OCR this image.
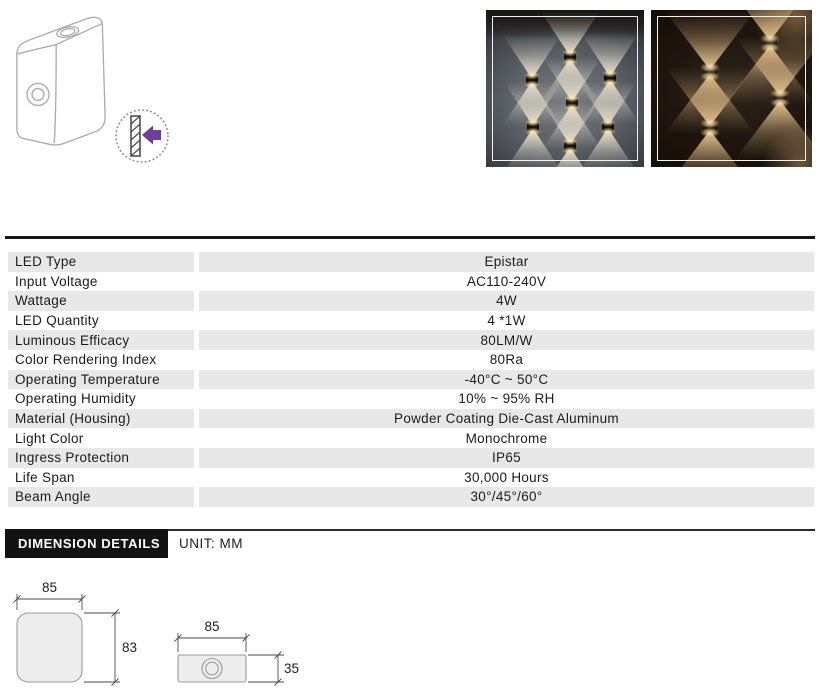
LED Type	Epistar
Input Voltage	AC110-240V
Wattage	4W
LED Quantity	4 *1W
Luminous Efficacy	80LM/W
Color Rendering Index	80Ra
Operating Temperature	-40°C ~ 50°C
Operating Humidity	10% ~ 95% RH
Material (Housing)	Powder Coating Die-Cast Aluminum
Light Color	Monochrome
Ingress Protection	IP65
Life Span	30,000 Hours
Beam Angle	30°/45°/60°
DIMENSION DETAILS	UNIT: MM
85
83
85
35
